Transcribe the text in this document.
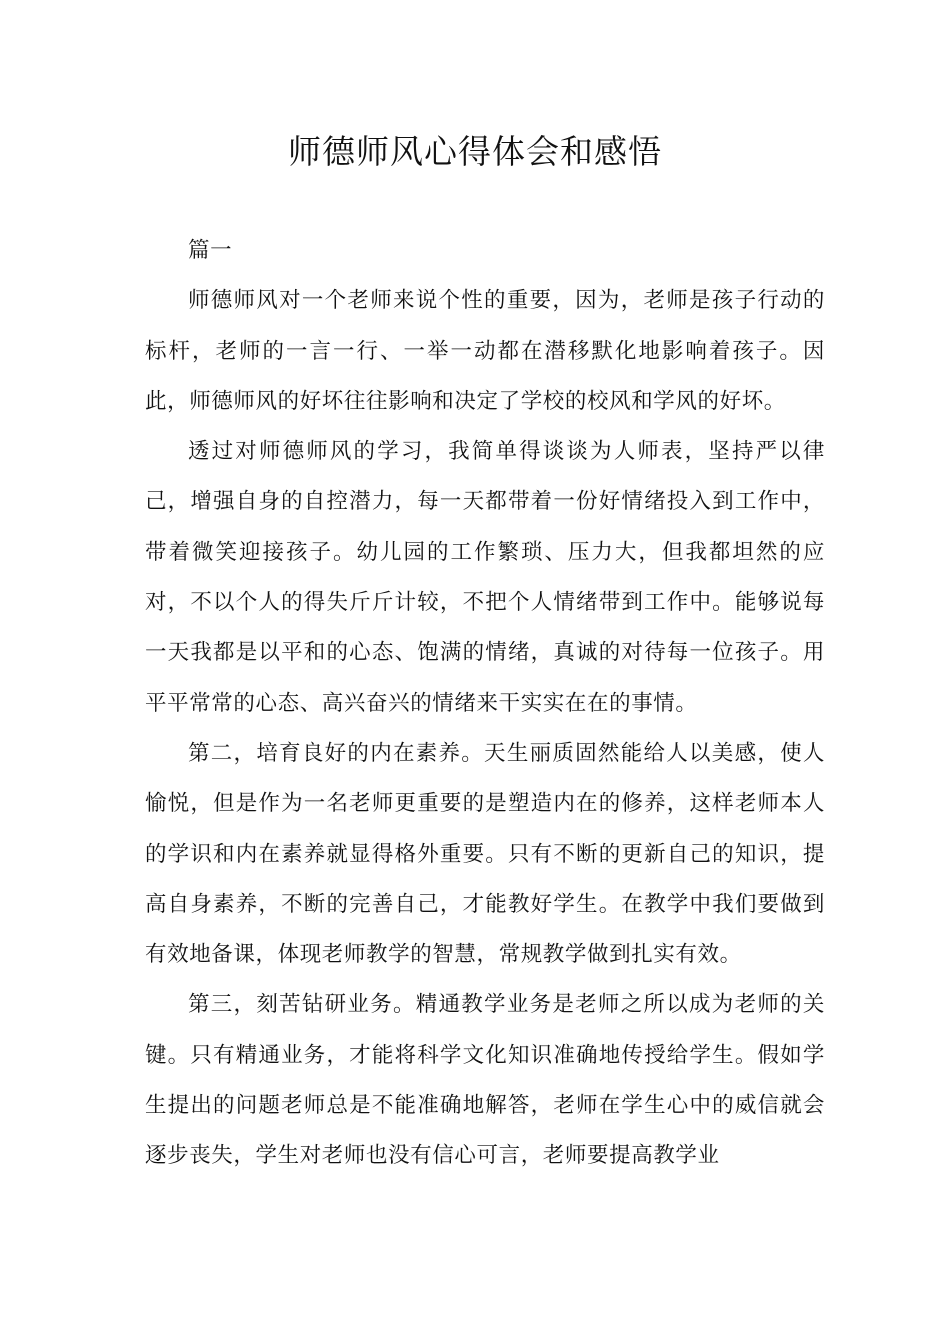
师德师风心得体会和感悟

篇一

师德师风对一个老师来说个性的重要，因为，老师是孩子行动的标杆，老师的一言一行、一举一动都在潜移默化地影响着孩子。因此，师德师风的好坏往往影响和决定了学校的校风和学风的好坏。

透过对师德师风的学习，我简单得谈谈为人师表，坚持严以律己，增强自身的自控潜力，每一天都带着一份好情绪投入到工作中，带着微笑迎接孩子。幼儿园的工作繁琐、压力大，但我都坦然的应对，不以个人的得失斤斤计较，不把个人情绪带到工作中。能够说每一天我都是以平和的心态、饱满的情绪，真诚的对待每一位孩子。用平平常常的心态、高兴奋兴的情绪来干实实在在的事情。

第二，培育良好的内在素养。天生丽质固然能给人以美感，使人愉悦，但是作为一名老师更重要的是塑造内在的修养，这样老师本人的学识和内在素养就显得格外重要。只有不断的更新自己的知识，提高自身素养，不断的完善自己，才能教好学生。在教学中我们要做到有效地备课，体现老师教学的智慧，常规教学做到扎实有效。

第三，刻苦钻研业务。精通教学业务是老师之所以成为老师的关键。只有精通业务，才能将科学文化知识准确地传授给学生。假如学生提出的问题老师总是不能准确地解答，老师在学生心中的威信就会逐步丧失，学生对老师也没有信心可言，老师要提高教学业
